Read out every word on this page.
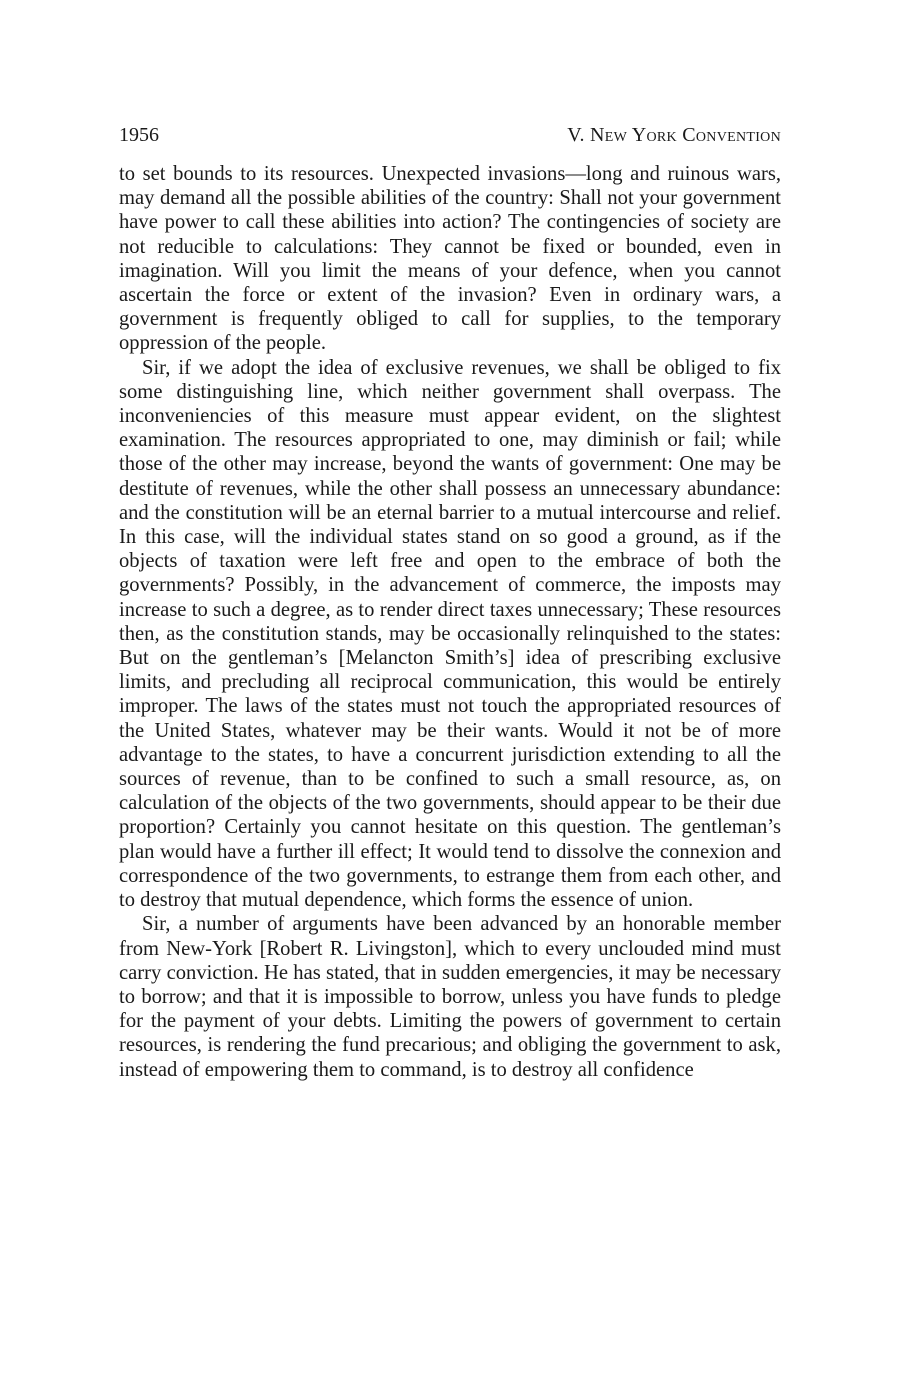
1956	V. New York Convention

to set bounds to its resources. Unexpected invasions—long and ruinous wars, may demand all the possible abilities of the country: Shall not your government have power to call these abilities into action? The contingencies of society are not reducible to calculations: They cannot be fixed or bounded, even in imagination. Will you limit the means of your defence, when you cannot ascertain the force or extent of the invasion? Even in ordinary wars, a government is frequently obliged to call for supplies, to the temporary oppression of the people.

Sir, if we adopt the idea of exclusive revenues, we shall be obliged to fix some distinguishing line, which neither government shall overpass. The inconveniencies of this measure must appear evident, on the slightest examination. The resources appropriated to one, may diminish or fail; while those of the other may increase, beyond the wants of government: One may be destitute of revenues, while the other shall possess an unnecessary abundance: and the constitution will be an eternal barrier to a mutual intercourse and relief. In this case, will the individual states stand on so good a ground, as if the objects of taxation were left free and open to the embrace of both the governments? Possibly, in the advancement of commerce, the imposts may increase to such a degree, as to render direct taxes unnecessary; These resources then, as the constitution stands, may be occasionally relinquished to the states: But on the gentleman’s [Melancton Smith’s] idea of prescribing exclusive limits, and precluding all reciprocal communication, this would be entirely improper. The laws of the states must not touch the appropriated resources of the United States, whatever may be their wants. Would it not be of more advantage to the states, to have a concurrent jurisdiction extending to all the sources of revenue, than to be confined to such a small resource, as, on calculation of the objects of the two governments, should appear to be their due proportion? Certainly you cannot hesitate on this question. The gentleman’s plan would have a further ill effect; It would tend to dissolve the connexion and correspondence of the two governments, to estrange them from each other, and to destroy that mutual dependence, which forms the essence of union.

Sir, a number of arguments have been advanced by an honorable member from New-York [Robert R. Livingston], which to every unclouded mind must carry conviction. He has stated, that in sudden emergencies, it may be necessary to borrow; and that it is impossible to borrow, unless you have funds to pledge for the payment of your debts. Limiting the powers of government to certain resources, is rendering the fund precarious; and obliging the government to ask, instead of empowering them to command, is to destroy all confidence
